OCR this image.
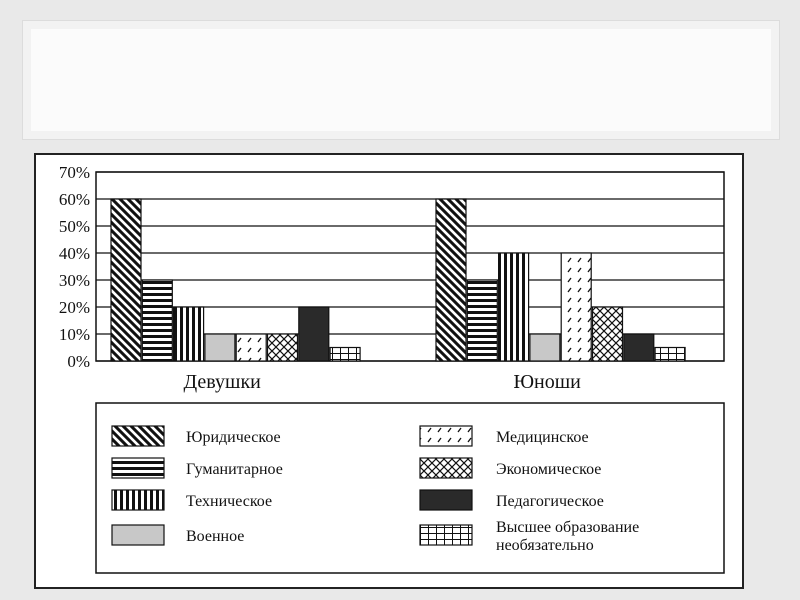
0%
10%
20%
30%
40%
50%
60%
70%
Девушки	Юноши
Юридическое
Гуманитарное
Техническое
Военное
Медицинское
Экономическое
Педагогическое
Высшее образование необязательно
